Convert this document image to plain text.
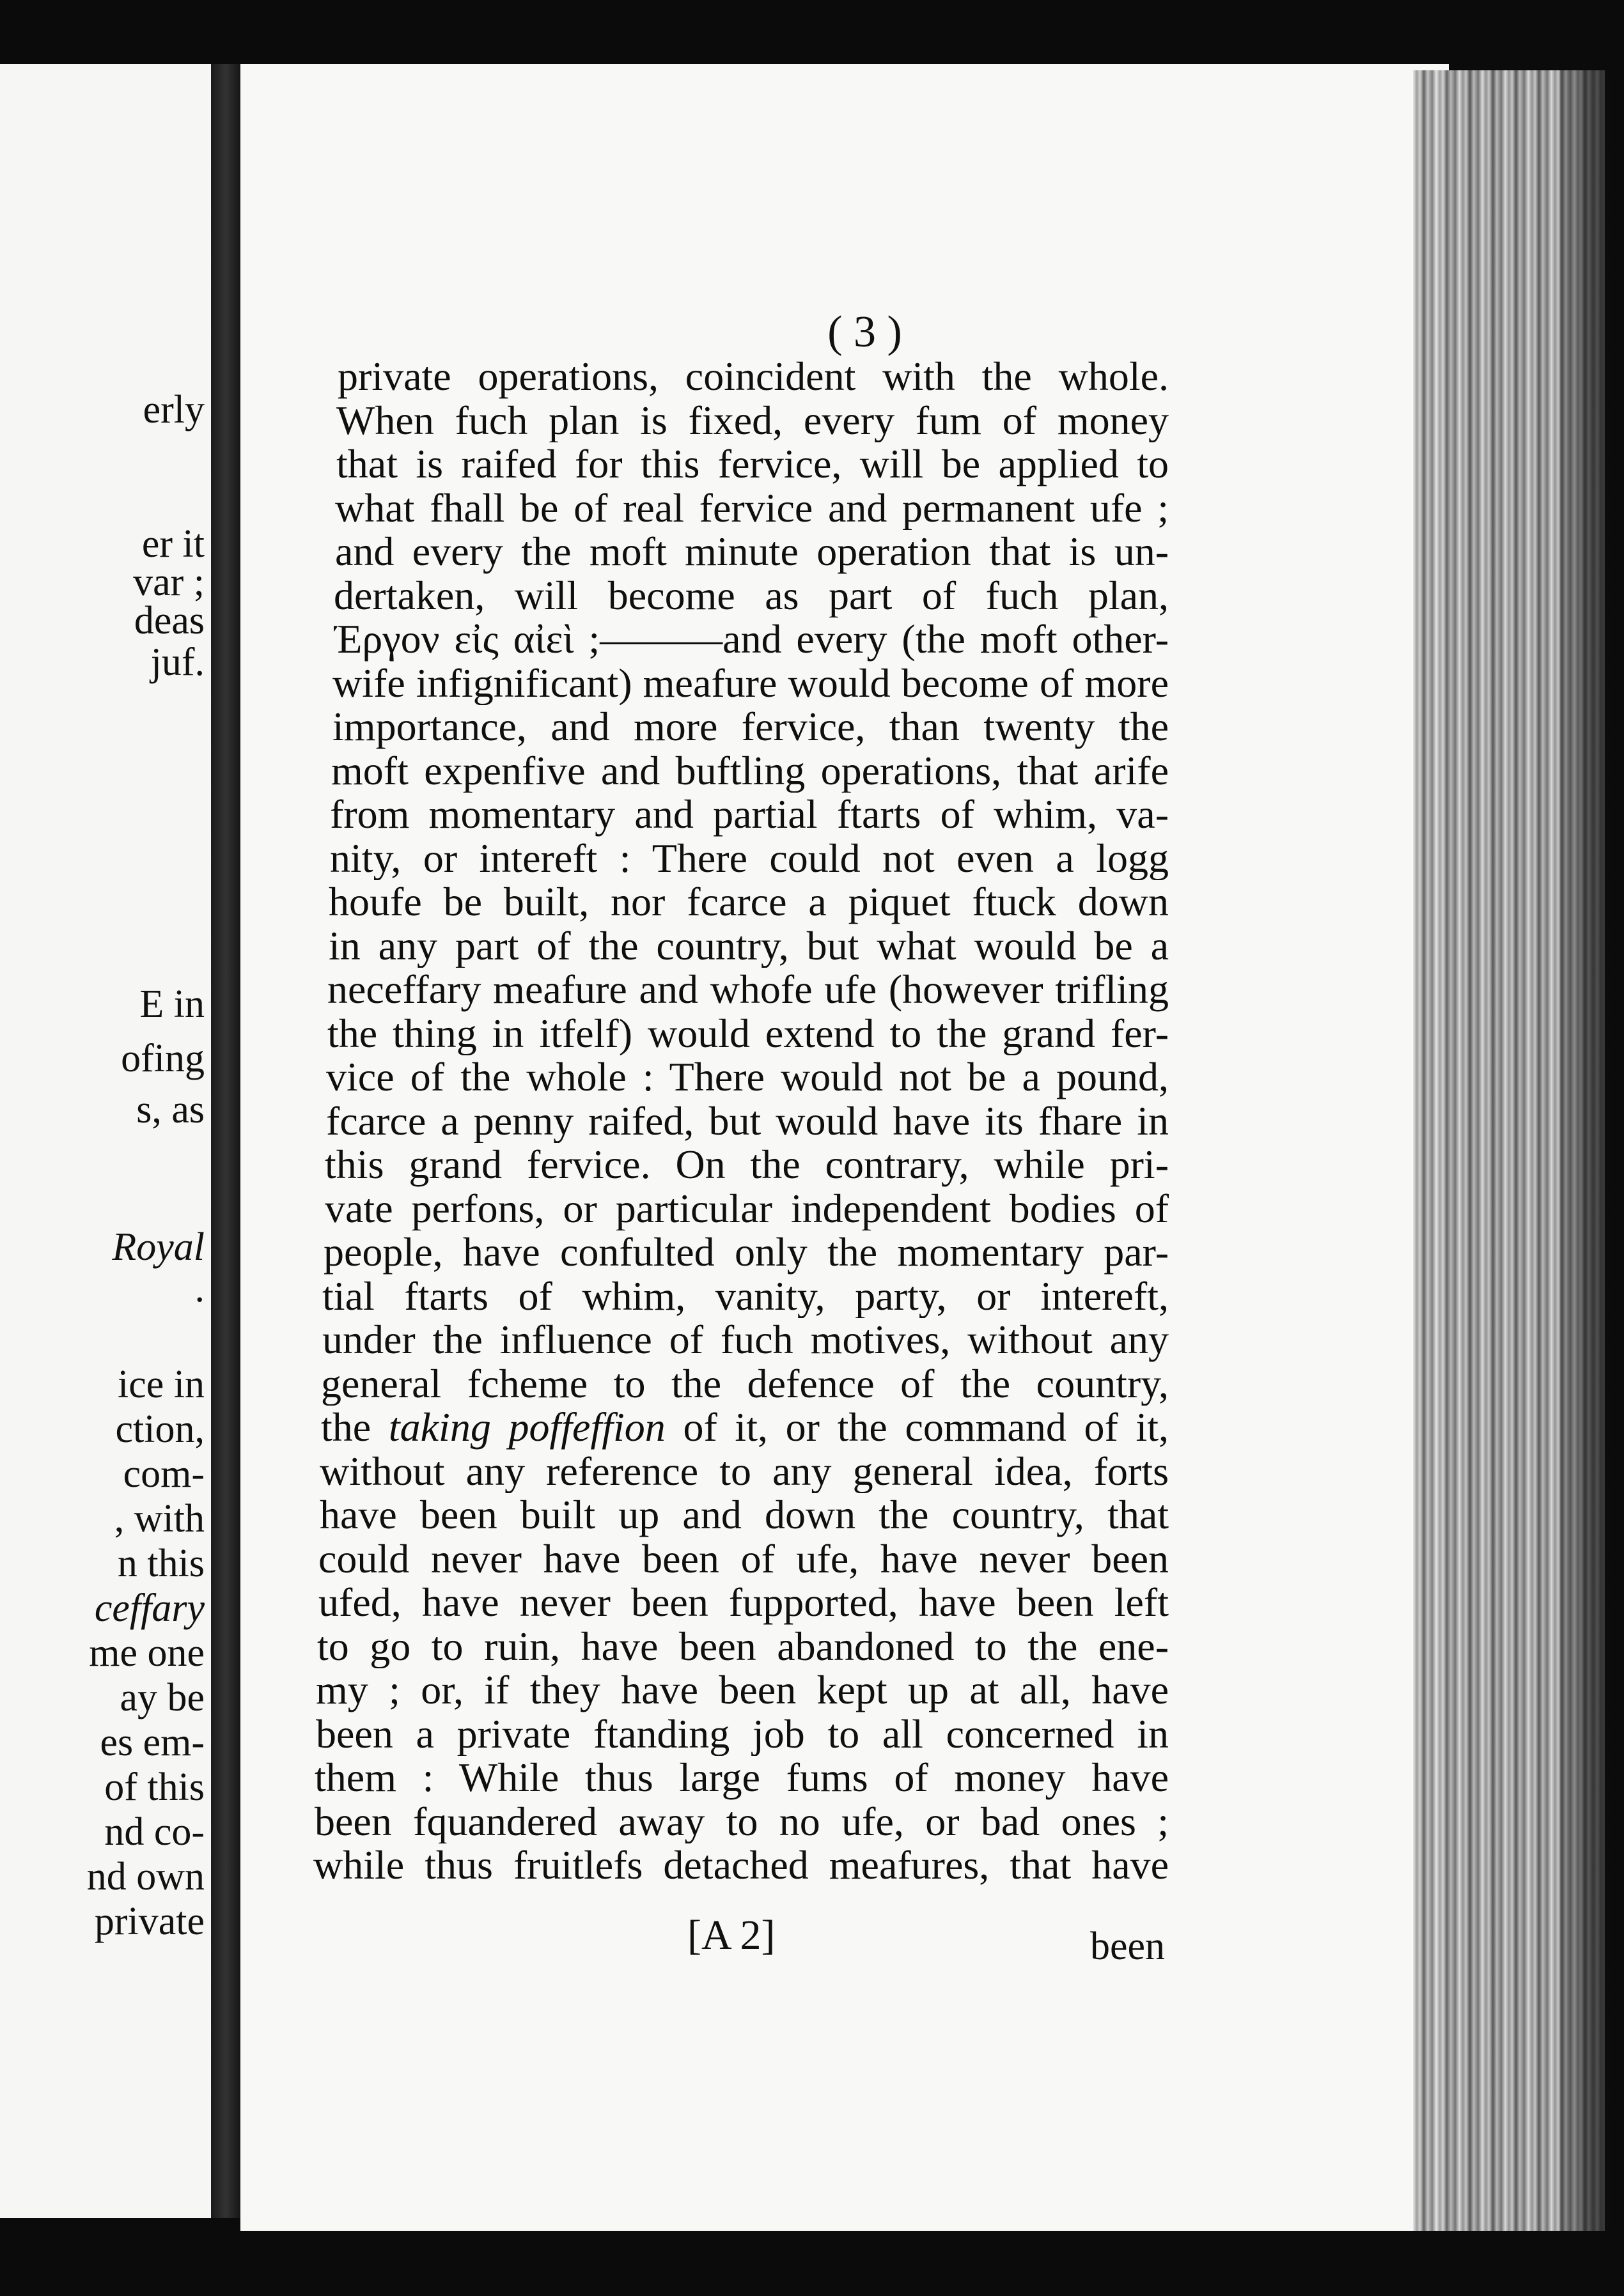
erly
er it
var ;
deas
juf.
E in
ofing
s, as
Royal
.
ice in
ction,
com-
, with
n this
ceffary
me one
ay be
es em-
of this
nd co-
nd own
private
( 3 )
private operations, coincident with the whole.
When fuch plan is fixed, every fum of money
that is raifed for this fervice, will be applied to
what fhall be of real fervice and permanent ufe ;
and every the moft minute operation that is un-
dertaken, will become as part of fuch plan,
Έργον εἰς αἰεὶ ;———and every (the moft other-
wife infignificant) meafure would become of more
importance, and more fervice, than twenty the
moft expenfive and buftling operations, that arife
from momentary and partial ftarts of whim, va-
nity, or intereft : There could not even a logg
houfe be built, nor fcarce a piquet ftuck down
in any part of the country, but what would be a
neceffary meafure and whofe ufe (however trifling
the thing in itfelf) would extend to the grand fer-
vice of the whole : There would not be a pound,
fcarce a penny raifed, but would have its fhare in
this grand fervice. On the contrary, while pri-
vate perfons, or particular independent bodies of
people, have confulted only the momentary par-
tial ftarts of whim, vanity, party, or intereft,
under the influence of fuch motives, without any
general fcheme to the defence of the country,
the taking poffeffion of it, or the command of it,
without any reference to any general idea, forts
have been built up and down the country, that
could never have been of ufe, have never been
ufed, have never been fupported, have been left
to go to ruin, have been abandoned to the ene-
my ; or, if they have been kept up at all, have
been a private ftanding job to all concerned in
them : While thus large fums of money have
been fquandered away to no ufe, or bad ones ;
while thus fruitlefs detached meafures, that have
[A 2]	been
